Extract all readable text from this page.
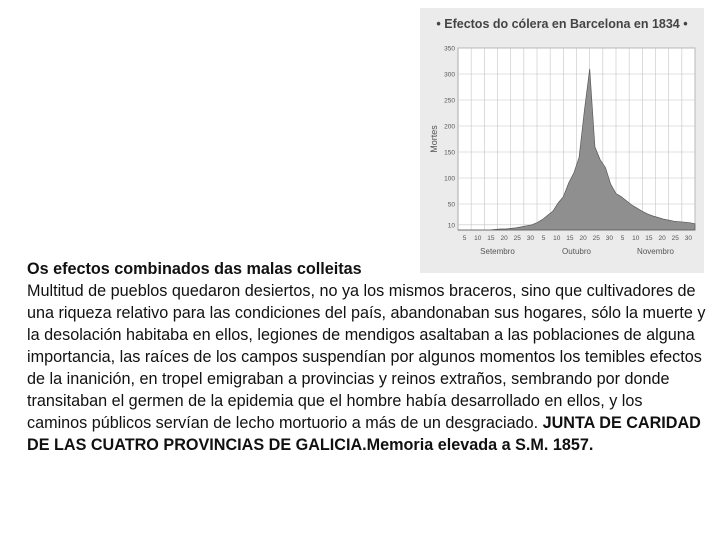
• Efectos do cólera en Barcelona en 1834 •
10
50
100
150
200
250
300
350
Mortes
5 10 15 20 25 30 5 10 15 20 25 30 5 10 15 20 25 30
Setembro	Outubro	Novembro

Os efectos combinados das malas colleitas

Multitud de pueblos quedaron desiertos, no ya los mismos braceros, sino que cultivadores de una riqueza relativo para las condiciones del país, abandonaban sus hogares, sólo la muerte y la desolación habitaba en ellos, legiones de mendigos asaltaban a las poblaciones de alguna importancia, las raíces de los campos suspendían por algunos momentos los temibles efectos de la inanición, en tropel emigraban a provincias y reinos extraños, sembrando por donde transitaban el germen de la epidemia que el hombre había desarrollado en ellos, y los caminos públicos servían de lecho mortuorio a más de un desgraciado. JUNTA DE CARIDAD DE LAS CUATRO PROVINCIAS DE GALICIA.Memoria elevada a S.M. 1857.
